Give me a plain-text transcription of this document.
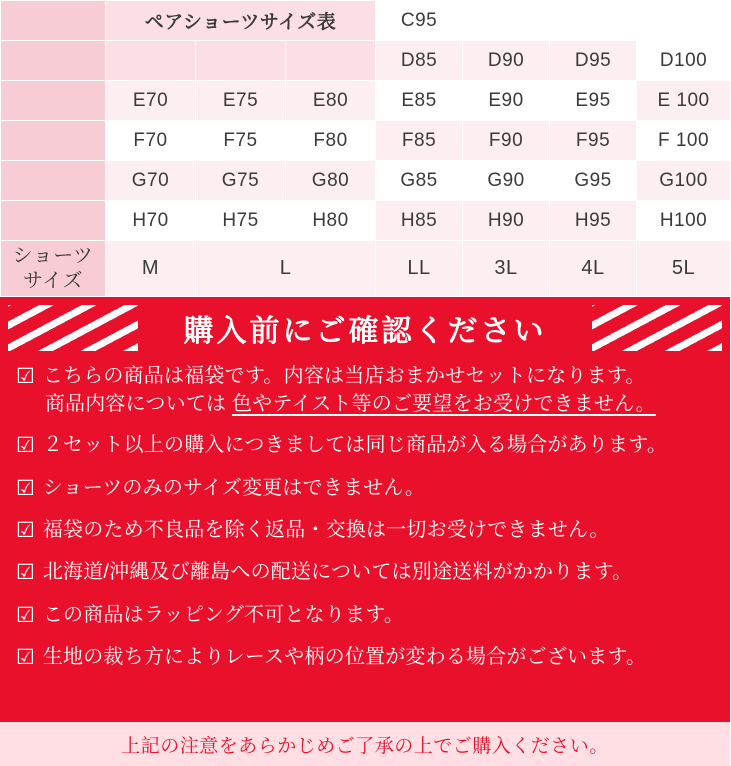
	ペアショーツサイズ表			C95			
				D85	D90	D95	D100
	E70	E75	E80	E85	E90	E95	E 100
	F70	F75	F80	F85	F90	F95	F 100
	G70	G75	G80	G85	G90	G95	G100
	H70	H75	H80	H85	H90	H95	H100
ショーツ
サイズ	M	L		LL	3L	4L	5L
購入前にご確認ください
☑ こちらの商品は福袋です。内容は当店おまかせセットになります。
商品内容については 色やテイスト等のご要望をお受けできません。
☑ ２セット以上の購入につきましては同じ商品が入る場合があります。
☑ ショーツのみのサイズ変更はできません。
☑ 福袋のため不良品を除く返品・交換は一切お受けできません。
☑ 北海道/沖縄及び離島への配送については別途送料がかかります。
☑ この商品はラッピング不可となります。
☑ 生地の裁ち方によりレースや柄の位置が変わる場合がございます。
上記の注意をあらかじめご了承の上でご購入ください。
